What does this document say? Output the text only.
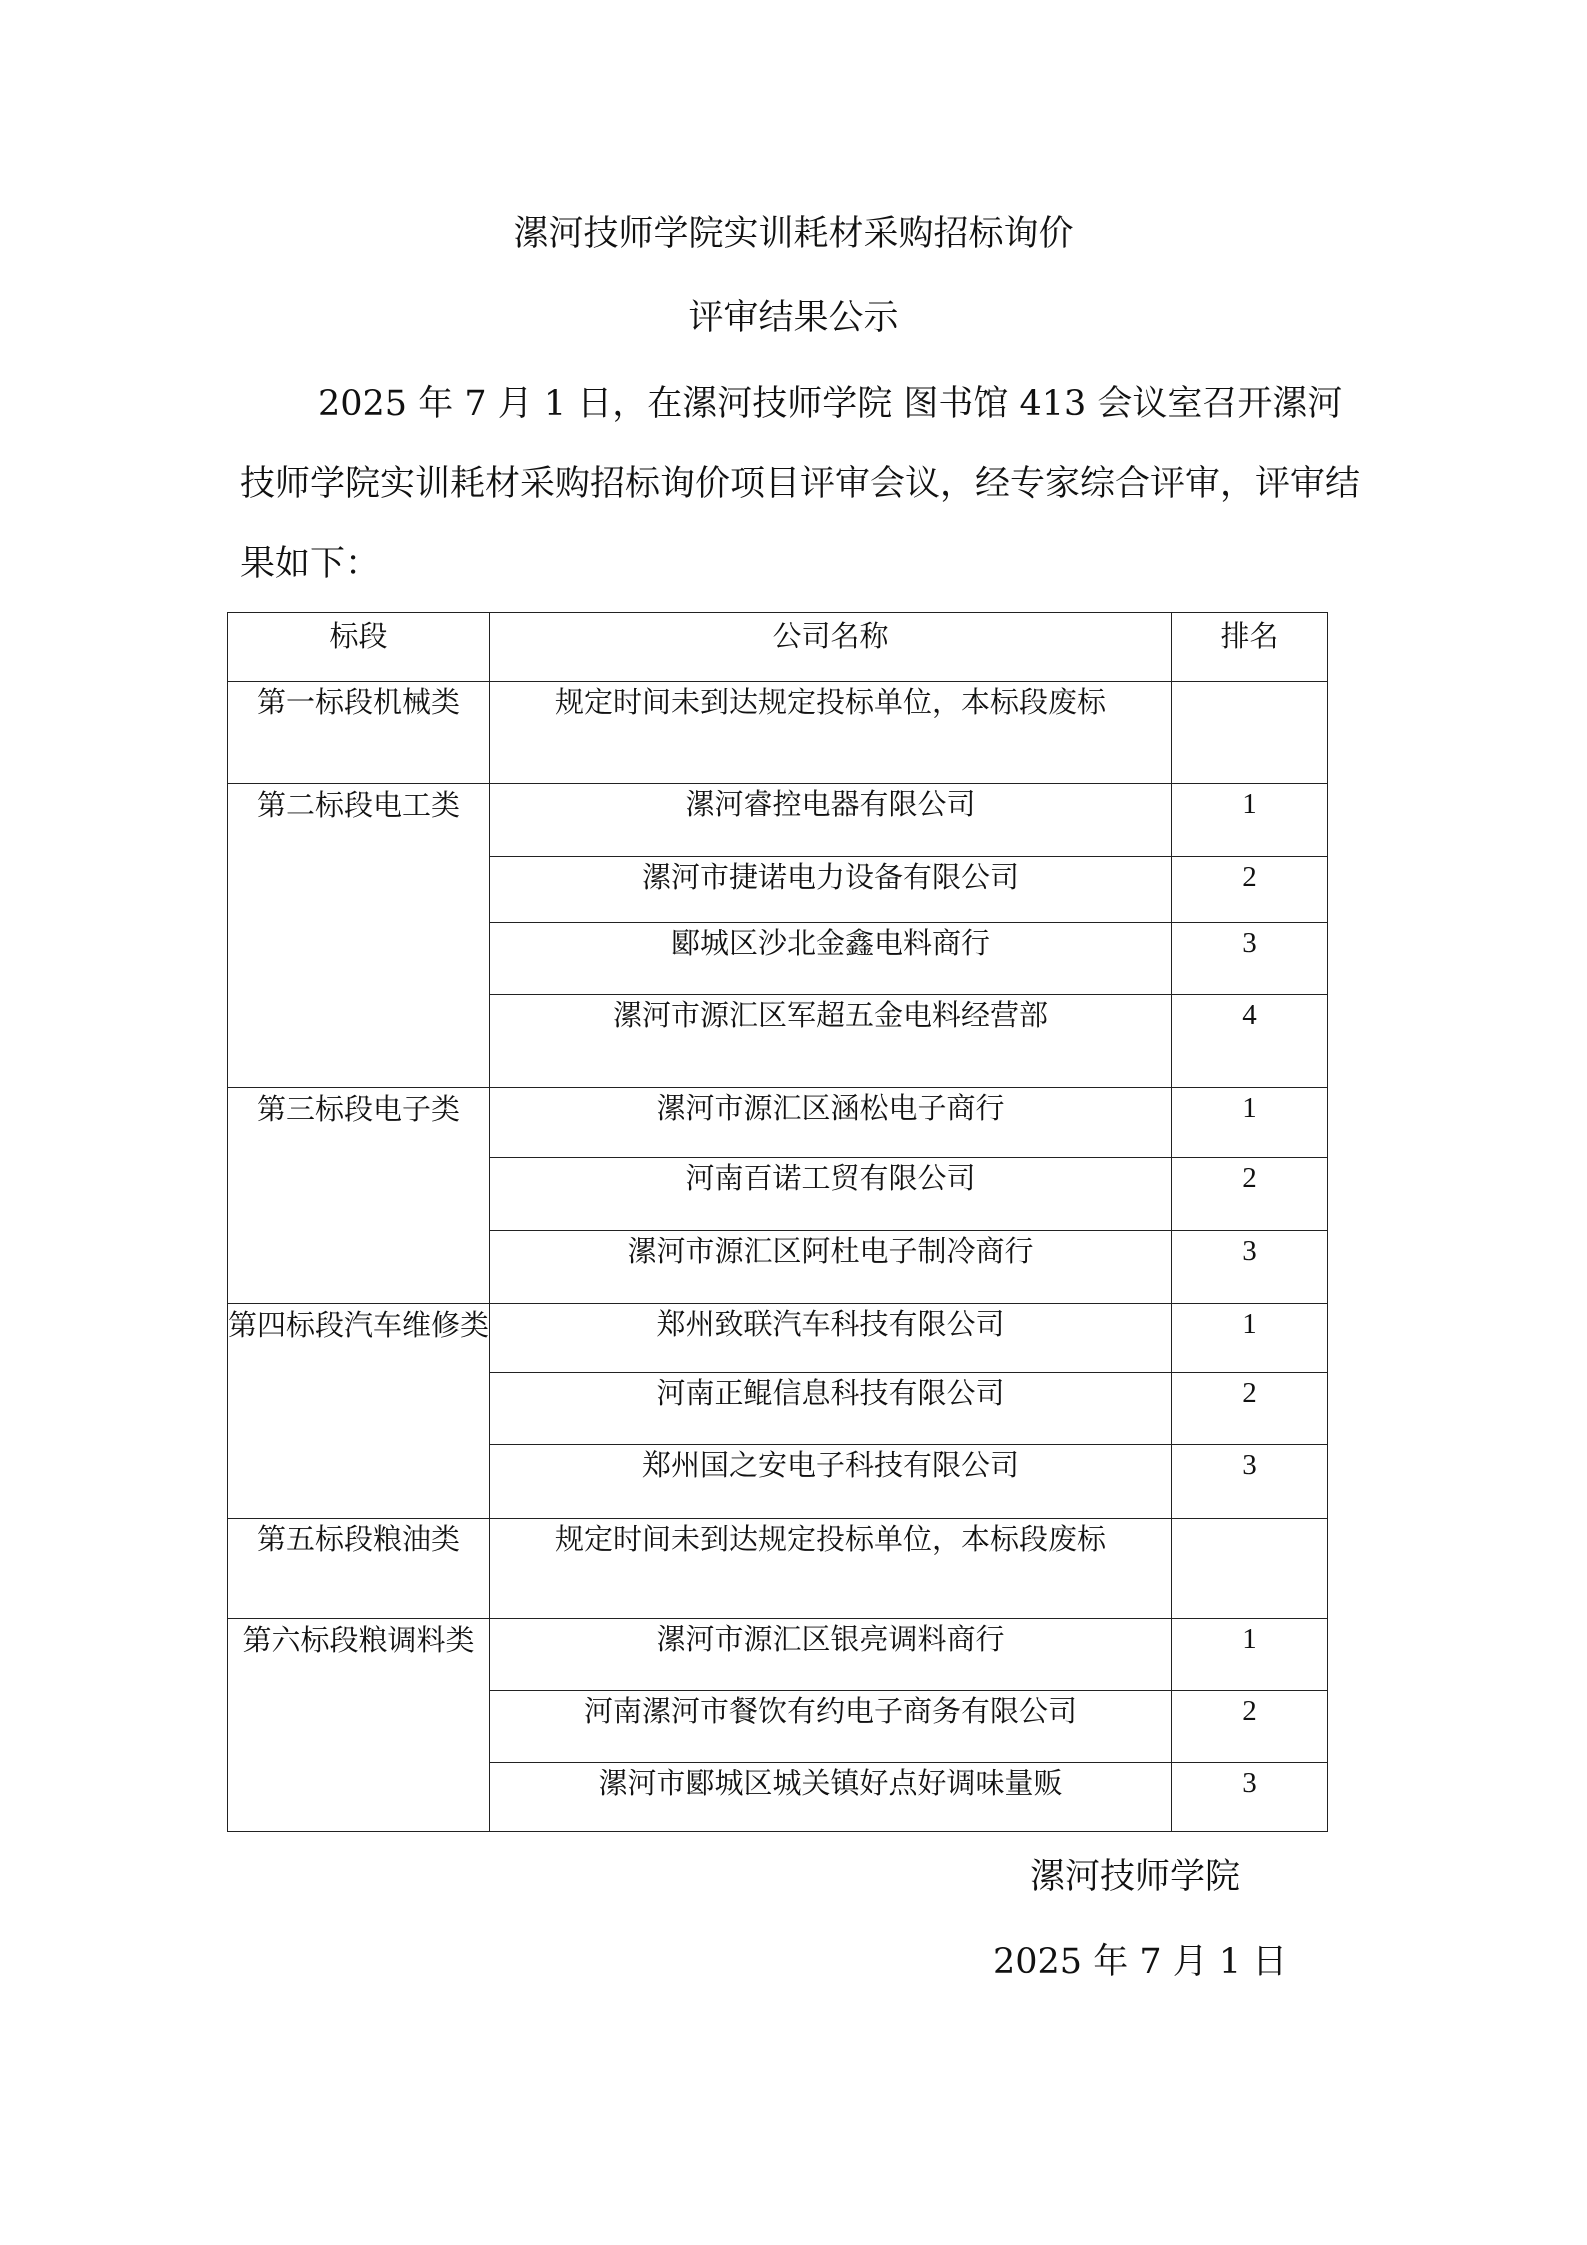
漯河技师学院实训耗材采购招标询价
评审结果公示

2025 年 7 月 1 日，在漯河技师学院 图书馆 413 会议室召开漯河技师学院实训耗材采购招标询价项目评审会议，经专家综合评审，评审结果如下：

标段	公司名称	排名
第一标段机械类	规定时间未到达规定投标单位，本标段废标	
第二标段电工类	漯河睿控电器有限公司	1
	漯河市捷诺电力设备有限公司	2
	郾城区沙北金鑫电料商行	3
	漯河市源汇区军超五金电料经营部	4
第三标段电子类	漯河市源汇区涵松电子商行	1
	河南百诺工贸有限公司	2
	漯河市源汇区阿杜电子制冷商行	3
第四标段汽车维修类	郑州致联汽车科技有限公司	1
	河南正鲲信息科技有限公司	2
	郑州国之安电子科技有限公司	3
第五标段粮油类	规定时间未到达规定投标单位，本标段废标	
第六标段粮调料类	漯河市源汇区银亮调料商行	1
	河南漯河市餐饮有约电子商务有限公司	2
	漯河市郾城区城关镇好点好调味量贩	3
漯河技师学院
2025 年 7 月 1 日
